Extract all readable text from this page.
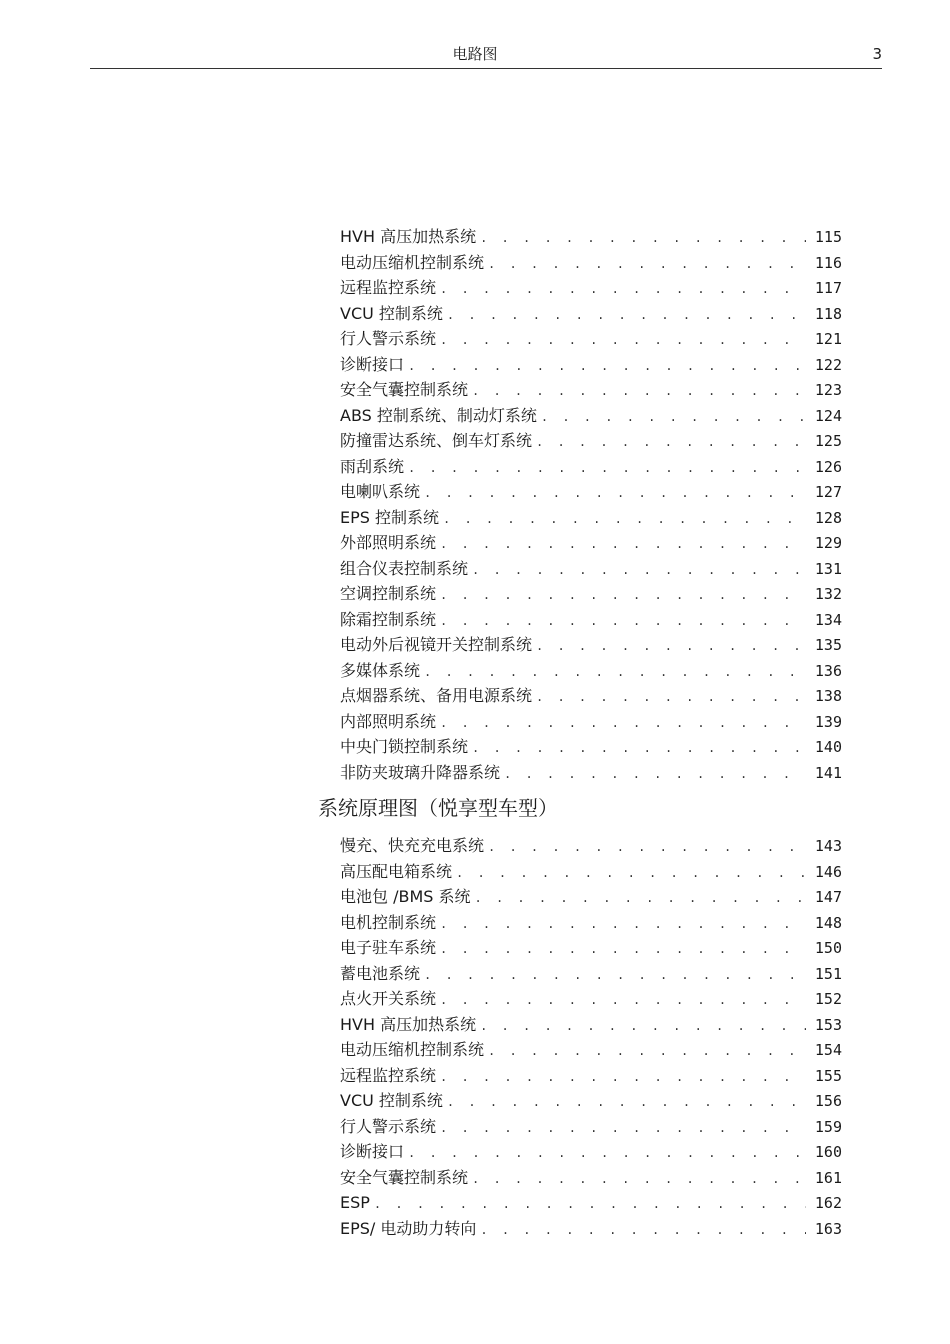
电路图	3
HVH 高压加热系统 . . .	115
电动压缩机控制系统 . . .	116
远程监控系统 . . .	117
VCU 控制系统 . . .	118
行人警示系统 . . .	121
诊断接口 . . .	122
安全气囊控制系统 . . .	123
ABS 控制系统、制动灯系统 . . .	124
防撞雷达系统、倒车灯系统 . . .	125
雨刮系统 . . .	126
电喇叭系统 . . .	127
EPS 控制系统 . . .	128
外部照明系统 . . .	129
组合仪表控制系统 . . .	131
空调控制系统 . . .	132
除霜控制系统 . . .	134
电动外后视镜开关控制系统 . . .	135
多媒体系统 . . .	136
点烟器系统、备用电源系统 . . .	138
内部照明系统 . . .	139
中央门锁控制系统 . . .	140
非防夹玻璃升降器系统 . . .	141
系统原理图（悦享型车型）
慢充、快充充电系统 . . .	143
高压配电箱系统 . . .	146
电池包 /BMS 系统 . . .	147
电机控制系统 . . .	148
电子驻车系统 . . .	150
蓄电池系统 . . .	151
点火开关系统 . . .	152
HVH 高压加热系统 . . .	153
电动压缩机控制系统 . . .	154
远程监控系统 . . .	155
VCU 控制系统 . . .	156
行人警示系统 . . .	159
诊断接口 . . .	160
安全气囊控制系统 . . .	161
ESP . . .	162
EPS/ 电动助力转向 . . .	163
